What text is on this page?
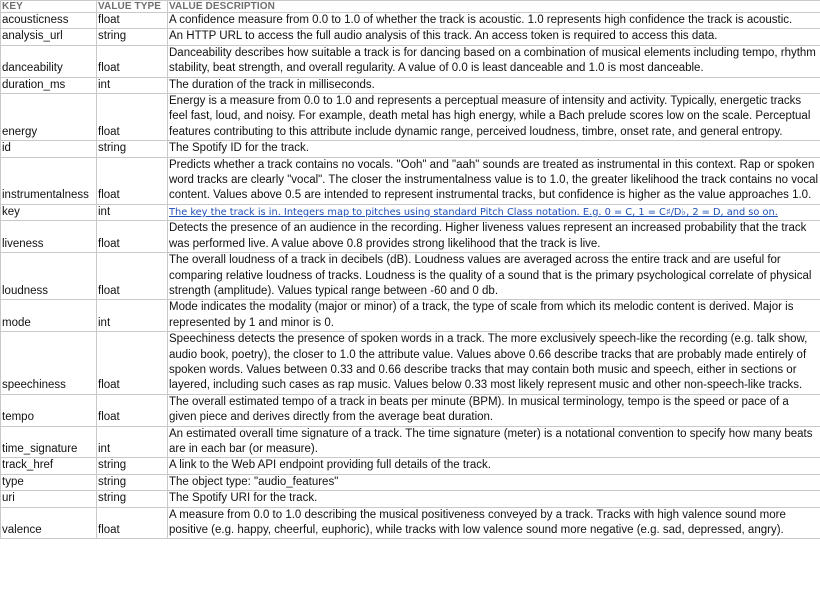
KEY	VALUE TYPE	VALUE DESCRIPTION
acousticness	float	A confidence measure from 0.0 to 1.0 of whether the track is acoustic. 1.0 represents high confidence the track is acoustic.
analysis_url	string	An HTTP URL to access the full audio analysis of this track. An access token is required to access this data.
danceability	float	Danceability describes how suitable a track is for dancing based on a combination of musical elements including tempo, rhythm stability, beat strength, and overall regularity. A value of 0.0 is least danceable and 1.0 is most danceable.
duration_ms	int	The duration of the track in milliseconds.
energy	float	Energy is a measure from 0.0 to 1.0 and represents a perceptual measure of intensity and activity. Typically, energetic tracks feel fast, loud, and noisy. For example, death metal has high energy, while a Bach prelude scores low on the scale. Perceptual features contributing to this attribute include dynamic range, perceived loudness, timbre, onset rate, and general entropy.
id	string	The Spotify ID for the track.
instrumentalness	float	Predicts whether a track contains no vocals. "Ooh" and "aah" sounds are treated as instrumental in this context. Rap or spoken word tracks are clearly "vocal". The closer the instrumentalness value is to 1.0, the greater likelihood the track contains no vocal content. Values above 0.5 are intended to represent instrumental tracks, but confidence is higher as the value approaches 1.0.
key	int	The key the track is in. Integers map to pitches using standard Pitch Class notation. E.g. 0 = C, 1 = C♯/D♭, 2 = D, and so on.
liveness	float	Detects the presence of an audience in the recording. Higher liveness values represent an increased probability that the track was performed live. A value above 0.8 provides strong likelihood that the track is live.
loudness	float	The overall loudness of a track in decibels (dB). Loudness values are averaged across the entire track and are useful for comparing relative loudness of tracks. Loudness is the quality of a sound that is the primary psychological correlate of physical strength (amplitude). Values typical range between -60 and 0 db.
mode	int	Mode indicates the modality (major or minor) of a track, the type of scale from which its melodic content is derived. Major is represented by 1 and minor is 0.
speechiness	float	Speechiness detects the presence of spoken words in a track. The more exclusively speech-like the recording (e.g. talk show, audio book, poetry), the closer to 1.0 the attribute value. Values above 0.66 describe tracks that are probably made entirely of spoken words. Values between 0.33 and 0.66 describe tracks that may contain both music and speech, either in sections or layered, including such cases as rap music. Values below 0.33 most likely represent music and other non-speech-like tracks.
tempo	float	The overall estimated tempo of a track in beats per minute (BPM). In musical terminology, tempo is the speed or pace of a given piece and derives directly from the average beat duration.
time_signature	int	An estimated overall time signature of a track. The time signature (meter) is a notational convention to specify how many beats are in each bar (or measure).
track_href	string	A link to the Web API endpoint providing full details of the track.
type	string	The object type: "audio_features"
uri	string	The Spotify URI for the track.
valence	float	A measure from 0.0 to 1.0 describing the musical positiveness conveyed by a track. Tracks with high valence sound more positive (e.g. happy, cheerful, euphoric), while tracks with low valence sound more negative (e.g. sad, depressed, angry).
